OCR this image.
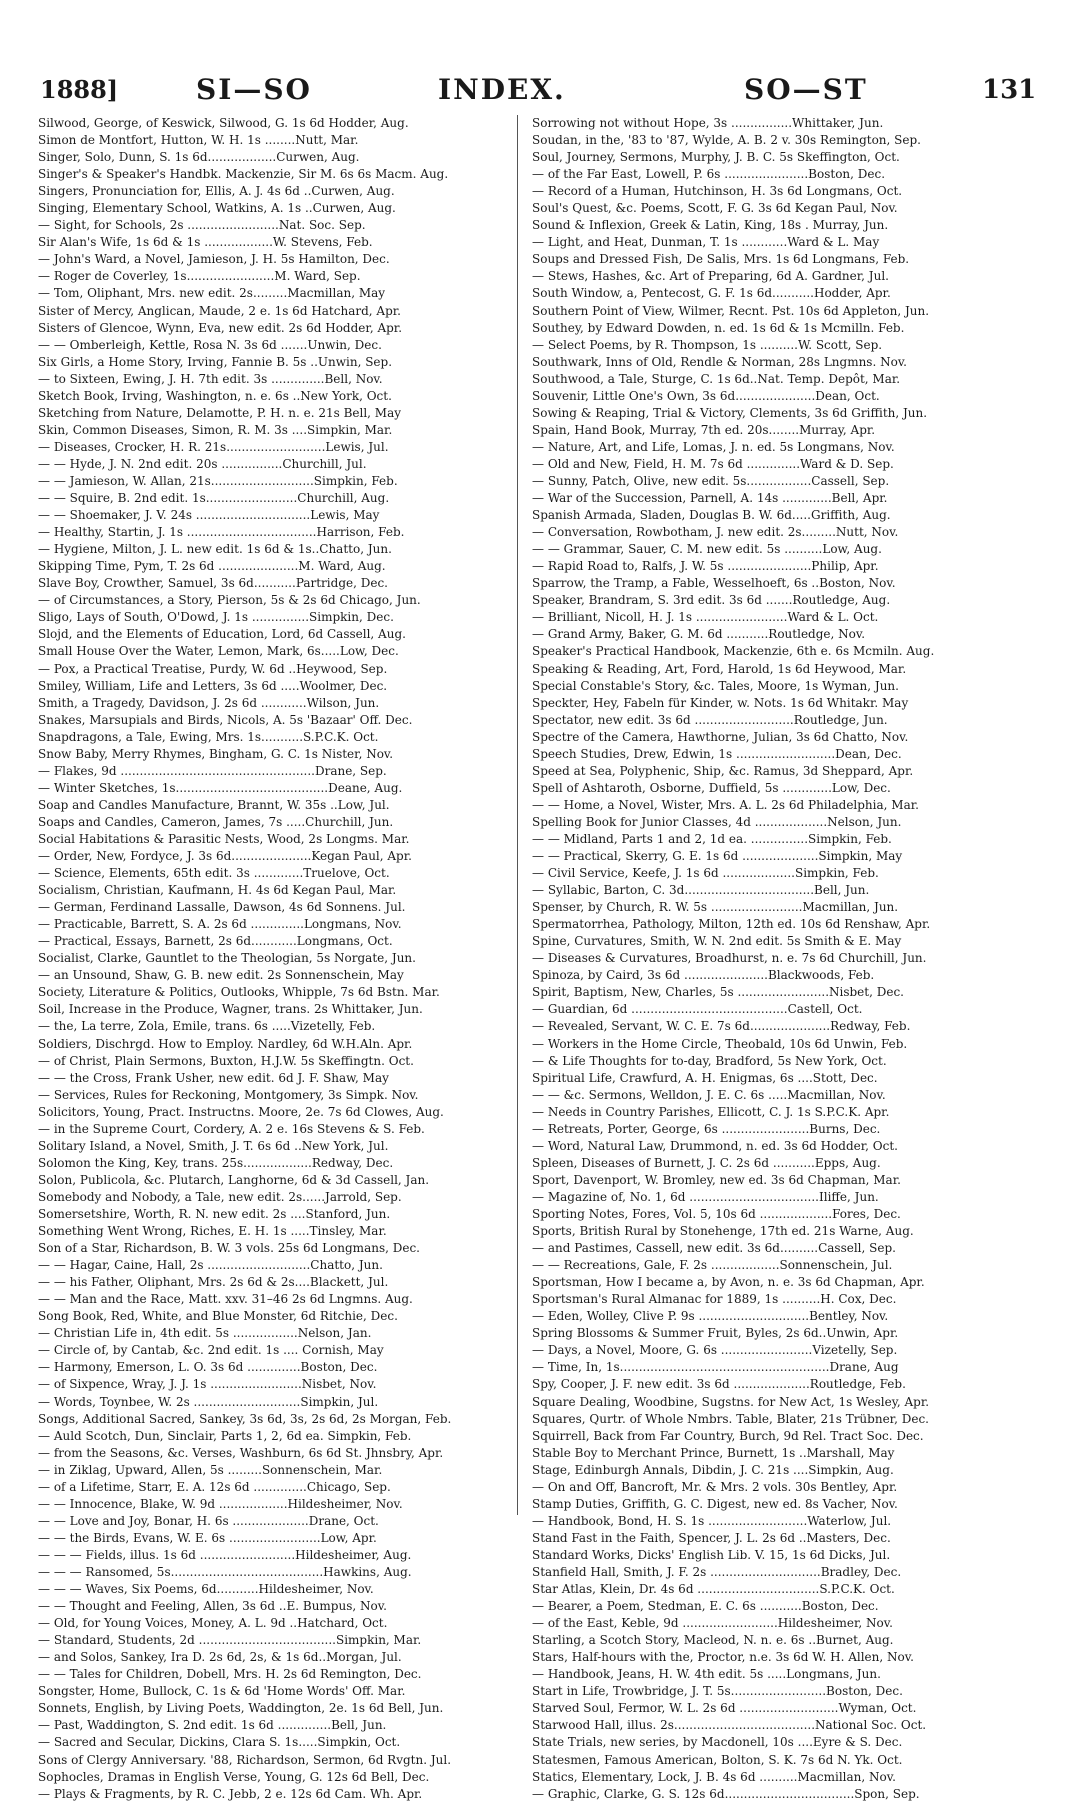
1888]	SI—SO	INDEX.	SO—ST	131
Silwood, George, of Keswick, Silwood, G. 1s 6d Hodder, Aug.
Simon de Montfort, Hutton, W. H. 1s ........Nutt, Mar.
Singer, Solo, Dunn, S. 1s 6d..................Curwen, Aug.
Singer's & Speaker's Handbk. Mackenzie, Sir M. 6s 6s Macm. Aug.
Singers, Pronunciation for, Ellis, A. J. 4s 6d ..Curwen, Aug.
Singing, Elementary School, Watkins, A. 1s ..Curwen, Aug.
— Sight, for Schools, 2s ........................Nat. Soc. Sep.
Sir Alan's Wife, 1s 6d & 1s ..................W. Stevens, Feb.
— John's Ward, a Novel, Jamieson, J. H. 5s Hamilton, Dec.
— Roger de Coverley, 1s.......................M. Ward, Sep.
— Tom, Oliphant, Mrs. new edit. 2s.........Macmillan, May
Sister of Mercy, Anglican, Maude, 2 e. 1s 6d Hatchard, Apr.
Sisters of Glencoe, Wynn, Eva, new edit. 2s 6d Hodder, Apr.
— — Omberleigh, Kettle, Rosa N. 3s 6d .......Unwin, Dec.
Six Girls, a Home Story, Irving, Fannie B. 5s ..Unwin, Sep.
— to Sixteen, Ewing, J. H. 7th edit. 3s ..............Bell, Nov.
Sketch Book, Irving, Washington, n. e. 6s ..New York, Oct.
Sketching from Nature, Delamotte, P. H. n. e. 21s Bell, May
Skin, Common Diseases, Simon, R. M. 3s ....Simpkin, Mar.
— Diseases, Crocker, H. R. 21s..........................Lewis, Jul.
— — Hyde, J. N. 2nd edit. 20s ................Churchill, Jul.
— — Jamieson, W. Allan, 21s...........................Simpkin, Feb.
— — Squire, B. 2nd edit. 1s........................Churchill, Aug.
— — Shoemaker, J. V. 24s ..............................Lewis, May
— Healthy, Startin, J. 1s ..................................Harrison, Feb.
— Hygiene, Milton, J. L. new edit. 1s 6d & 1s..Chatto, Jun.
Skipping Time, Pym, T. 2s 6d .....................M. Ward, Aug.
Slave Boy, Crowther, Samuel, 3s 6d...........Partridge, Dec.
— of Circumstances, a Story, Pierson, 5s & 2s 6d Chicago, Jun.
Sligo, Lays of South, O'Dowd, J. 1s ...............Simpkin, Dec.
Slojd, and the Elements of Education, Lord, 6d Cassell, Aug.
Small House Over the Water, Lemon, Mark, 6s.....Low, Dec.
— Pox, a Practical Treatise, Purdy, W. 6d ..Heywood, Sep.
Smiley, William, Life and Letters, 3s 6d .....Woolmer, Dec.
Smith, a Tragedy, Davidson, J. 2s 6d ............Wilson, Jun.
Snakes, Marsupials and Birds, Nicols, A. 5s 'Bazaar' Off. Dec.
Snapdragons, a Tale, Ewing, Mrs. 1s...........S.P.C.K. Oct.
Snow Baby, Merry Rhymes, Bingham, G. C. 1s Nister, Nov.
— Flakes, 9d ...................................................Drane, Sep.
— Winter Sketches, 1s........................................Deane, Aug.
Soap and Candles Manufacture, Brannt, W. 35s ..Low, Jul.
Soaps and Candles, Cameron, James, 7s .....Churchill, Jun.
Social Habitations & Parasitic Nests, Wood, 2s Longms. Mar.
— Order, New, Fordyce, J. 3s 6d.....................Kegan Paul, Apr.
— Science, Elements, 65th edit. 3s .............Truelove, Oct.
Socialism, Christian, Kaufmann, H. 4s 6d Kegan Paul, Mar.
— German, Ferdinand Lassalle, Dawson, 4s 6d Sonnens. Jul.
— Practicable, Barrett, S. A. 2s 6d ..............Longmans, Nov.
— Practical, Essays, Barnett, 2s 6d............Longmans, Oct.
Socialist, Clarke, Gauntlet to the Theologian, 5s Norgate, Jun.
— an Unsound, Shaw, G. B. new edit. 2s Sonnenschein, May
Society, Literature & Politics, Outlooks, Whipple, 7s 6d Bstn. Mar.
Soil, Increase in the Produce, Wagner, trans. 2s Whittaker, Jun.
— the, La terre, Zola, Emile, trans. 6s .....Vizetelly, Feb.
Soldiers, Dischrgd. How to Employ. Nardley, 6d W.H.Aln. Apr.
— of Christ, Plain Sermons, Buxton, H.J.W. 5s Skeffingtn. Oct.
— — the Cross, Frank Usher, new edit. 6d J. F. Shaw, May
— Services, Rules for Reckoning, Montgomery, 3s Simpk. Nov.
Solicitors, Young, Pract. Instructns. Moore, 2e. 7s 6d Clowes, Aug.
— in the Supreme Court, Cordery, A. 2 e. 16s Stevens & S. Feb.
Solitary Island, a Novel, Smith, J. T. 6s 6d ..New York, Jul.
Solomon the King, Key, trans. 25s..................Redway, Dec.
Solon, Publicola, &c. Plutarch, Langhorne, 6d & 3d Cassell, Jan.
Somebody and Nobody, a Tale, new edit. 2s......Jarrold, Sep.
Somersetshire, Worth, R. N. new edit. 2s ....Stanford, Jun.
Something Went Wrong, Riches, E. H. 1s .....Tinsley, Mar.
Son of a Star, Richardson, B. W. 3 vols. 25s 6d Longmans, Dec.
— — Hagar, Caine, Hall, 2s ...........................Chatto, Jun.
— — his Father, Oliphant, Mrs. 2s 6d & 2s....Blackett, Jul.
— — Man and the Race, Matt. xxv. 31–46 2s 6d Lngmns. Aug.
Song Book, Red, White, and Blue Monster, 6d Ritchie, Dec.
— Christian Life in, 4th edit. 5s .................Nelson, Jan.
— Circle of, by Cantab, &c. 2nd edit. 1s .... Cornish, May
— Harmony, Emerson, L. O. 3s 6d ..............Boston, Dec.
— of Sixpence, Wray, J. J. 1s ........................Nisbet, Nov.
— Words, Toynbee, W. 2s ............................Simpkin, Jul.
Songs, Additional Sacred, Sankey, 3s 6d, 3s, 2s 6d, 2s Morgan, Feb.
— Auld Scotch, Dun, Sinclair, Parts 1, 2, 6d ea. Simpkin, Feb.
— from the Seasons, &c. Verses, Washburn, 6s 6d St. Jhnsbry, Apr.
— in Ziklag, Upward, Allen, 5s .........Sonnenschein, Mar.
— of a Lifetime, Starr, E. A. 12s 6d ..............Chicago, Sep.
— — Innocence, Blake, W. 9d ..................Hildesheimer, Nov.
— — Love and Joy, Bonar, H. 6s ....................Drane, Oct.
— — the Birds, Evans, W. E. 6s ........................Low, Apr.
— — — Fields, illus. 1s 6d .........................Hildesheimer, Aug.
— — — Ransomed, 5s........................................Hawkins, Aug.
— — — Waves, Six Poems, 6d...........Hildesheimer, Nov.
— — Thought and Feeling, Allen, 3s 6d ..E. Bumpus, Nov.
— Old, for Young Voices, Money, A. L. 9d ..Hatchard, Oct.
— Standard, Students, 2d ....................................Simpkin, Mar.
— and Solos, Sankey, Ira D. 2s 6d, 2s, & 1s 6d..Morgan, Jul.
— — Tales for Children, Dobell, Mrs. H. 2s 6d Remington, Dec.
Songster, Home, Bullock, C. 1s & 6d 'Home Words' Off. Mar.
Sonnets, English, by Living Poets, Waddington, 2e. 1s 6d Bell, Jun.
— Past, Waddington, S. 2nd edit. 1s 6d ..............Bell, Jun.
— Sacred and Secular, Dickins, Clara S. 1s.....Simpkin, Oct.
Sons of Clergy Anniversary. '88, Richardson, Sermon, 6d Rvgtn. Jul.
Sophocles, Dramas in English Verse, Young, G. 12s 6d Bell, Dec.
— Plays & Fragments, by R. C. Jebb, 2 e. 12s 6d Cam. Wh. Apr.
Sorrowing not without Hope, 3s ................Whittaker, Jun.
Soudan, in the, '83 to '87, Wylde, A. B. 2 v. 30s Remington, Sep.
Soul, Journey, Sermons, Murphy, J. B. C. 5s Skeffington, Oct.
— of the Far East, Lowell, P. 6s ......................Boston, Dec.
— Record of a Human, Hutchinson, H. 3s 6d Longmans, Oct.
Soul's Quest, &c. Poems, Scott, F. G. 3s 6d Kegan Paul, Nov.
Sound & Inflexion, Greek & Latin, King, 18s . Murray, Jun.
— Light, and Heat, Dunman, T. 1s ............Ward & L. May
Soups and Dressed Fish, De Salis, Mrs. 1s 6d Longmans, Feb.
— Stews, Hashes, &c. Art of Preparing, 6d A. Gardner, Jul.
South Window, a, Pentecost, G. F. 1s 6d...........Hodder, Apr.
Southern Point of View, Wilmer, Recnt. Pst. 10s 6d Appleton, Jun.
Southey, by Edward Dowden, n. ed. 1s 6d & 1s Mcmilln. Feb.
— Select Poems, by R. Thompson, 1s ..........W. Scott, Sep.
Southwark, Inns of Old, Rendle & Norman, 28s Lngmns. Nov.
Southwood, a Tale, Sturge, C. 1s 6d..Nat. Temp. Depôt, Mar.
Souvenir, Little One's Own, 3s 6d.....................Dean, Oct.
Sowing & Reaping, Trial & Victory, Clements, 3s 6d Griffith, Jun.
Spain, Hand Book, Murray, 7th ed. 20s........Murray, Apr.
— Nature, Art, and Life, Lomas, J. n. ed. 5s Longmans, Nov.
— Old and New, Field, H. M. 7s 6d ..............Ward & D. Sep.
— Sunny, Patch, Olive, new edit. 5s.................Cassell, Sep.
— War of the Succession, Parnell, A. 14s .............Bell, Apr.
Spanish Armada, Sladen, Douglas B. W. 6d.....Griffith, Aug.
— Conversation, Rowbotham, J. new edit. 2s.........Nutt, Nov.
— — Grammar, Sauer, C. M. new edit. 5s ..........Low, Aug.
— Rapid Road to, Ralfs, J. W. 5s ......................Philip, Apr.
Sparrow, the Tramp, a Fable, Wesselhoeft, 6s ..Boston, Nov.
Speaker, Brandram, S. 3rd edit. 3s 6d .......Routledge, Aug.
— Brilliant, Nicoll, H. J. 1s ........................Ward & L. Oct.
— Grand Army, Baker, G. M. 6d ...........Routledge, Nov.
Speaker's Practical Handbook, Mackenzie, 6th e. 6s Mcmiln. Aug.
Speaking & Reading, Art, Ford, Harold, 1s 6d Heywood, Mar.
Special Constable's Story, &c. Tales, Moore, 1s Wyman, Jun.
Speckter, Hey, Fabeln für Kinder, w. Nots. 1s 6d Whitakr. May
Spectator, new edit. 3s 6d ..........................Routledge, Jun.
Spectre of the Camera, Hawthorne, Julian, 3s 6d Chatto, Nov.
Speech Studies, Drew, Edwin, 1s ..........................Dean, Dec.
Speed at Sea, Polyphenic, Ship, &c. Ramus, 3d Sheppard, Apr.
Spell of Ashtaroth, Osborne, Duffield, 5s .............Low, Dec.
— — Home, a Novel, Wister, Mrs. A. L. 2s 6d Philadelphia, Mar.
Spelling Book for Junior Classes, 4d ...................Nelson, Jun.
— — Midland, Parts 1 and 2, 1d ea. ...............Simpkin, Feb.
— — Practical, Skerry, G. E. 1s 6d ....................Simpkin, May
— Civil Service, Keefe, J. 1s 6d ...................Simpkin, Feb.
— Syllabic, Barton, C. 3d..................................Bell, Jun.
Spenser, by Church, R. W. 5s ........................Macmillan, Jun.
Spermatorrhea, Pathology, Milton, 12th ed. 10s 6d Renshaw, Apr.
Spine, Curvatures, Smith, W. N. 2nd edit. 5s Smith & E. May
— Diseases & Curvatures, Broadhurst, n. e. 7s 6d Churchill, Jun.
Spinoza, by Caird, 3s 6d ......................Blackwoods, Feb.
Spirit, Baptism, New, Charles, 5s ........................Nisbet, Dec.
— Guardian, 6d .........................................Castell, Oct.
— Revealed, Servant, W. C. E. 7s 6d.....................Redway, Feb.
— Workers in the Home Circle, Theobald, 10s 6d Unwin, Feb.
— & Life Thoughts for to-day, Bradford, 5s New York, Oct.
Spiritual Life, Crawfurd, A. H. Enigmas, 6s ....Stott, Dec.
— — &c. Sermons, Welldon, J. E. C. 6s .....Macmillan, Nov.
— Needs in Country Parishes, Ellicott, C. J. 1s S.P.C.K. Apr.
— Retreats, Porter, George, 6s .......................Burns, Dec.
— Word, Natural Law, Drummond, n. ed. 3s 6d Hodder, Oct.
Spleen, Diseases of Burnett, J. C. 2s 6d ...........Epps, Aug.
Sport, Davenport, W. Bromley, new ed. 3s 6d Chapman, Mar.
— Magazine of, No. 1, 6d ..................................Iliffe, Jun.
Sporting Notes, Fores, Vol. 5, 10s 6d ...................Fores, Dec.
Sports, British Rural by Stonehenge, 17th ed. 21s Warne, Aug.
— and Pastimes, Cassell, new edit. 3s 6d..........Cassell, Sep.
— — Recreations, Gale, F. 2s ..................Sonnenschein, Jul.
Sportsman, How I became a, by Avon, n. e. 3s 6d Chapman, Apr.
Sportsman's Rural Almanac for 1889, 1s ..........H. Cox, Dec.
— Eden, Wolley, Clive P. 9s .............................Bentley, Nov.
Spring Blossoms & Summer Fruit, Byles, 2s 6d..Unwin, Apr.
— Days, a Novel, Moore, G. 6s ........................Vizetelly, Sep.
— Time, In, 1s.......................................................Drane, Aug
Spy, Cooper, J. F. new edit. 3s 6d ....................Routledge, Feb.
Square Dealing, Woodbine, Sugstns. for New Act, 1s Wesley, Apr.
Squares, Qurtr. of Whole Nmbrs. Table, Blater, 21s Trübner, Dec.
Squirrell, Back from Far Country, Burch, 9d Rel. Tract Soc. Dec.
Stable Boy to Merchant Prince, Burnett, 1s ..Marshall, May
Stage, Edinburgh Annals, Dibdin, J. C. 21s ....Simpkin, Aug.
— On and Off, Bancroft, Mr. & Mrs. 2 vols. 30s Bentley, Apr.
Stamp Duties, Griffith, G. C. Digest, new ed. 8s Vacher, Nov.
— Handbook, Bond, H. S. 1s ..........................Waterlow, Jul.
Stand Fast in the Faith, Spencer, J. L. 2s 6d ..Masters, Dec.
Standard Works, Dicks' English Lib. V. 15, 1s 6d Dicks, Jul.
Stanfield Hall, Smith, J. F. 2s .............................Bradley, Dec.
Star Atlas, Klein, Dr. 4s 6d ................................S.P.C.K. Oct.
— Bearer, a Poem, Stedman, E. C. 6s ...........Boston, Dec.
— of the East, Keble, 9d .........................Hildesheimer, Nov.
Starling, a Scotch Story, Macleod, N. n. e. 6s ..Burnet, Aug.
Stars, Half-hours with the, Proctor, n.e. 3s 6d W. H. Allen, Nov.
— Handbook, Jeans, H. W. 4th edit. 5s .....Longmans, Jun.
Start in Life, Trowbridge, J. T. 5s.........................Boston, Dec.
Starved Soul, Fermor, W. L. 2s 6d ..........................Wyman, Oct.
Starwood Hall, illus. 2s.....................................National Soc. Oct.
State Trials, new series, by Macdonell, 10s ....Eyre & S. Dec.
Statesmen, Famous American, Bolton, S. K. 7s 6d N. Yk. Oct.
Statics, Elementary, Lock, J. B. 4s 6d ..........Macmillan, Nov.
— Graphic, Clarke, G. S. 12s 6d..................................Spon, Sep.
